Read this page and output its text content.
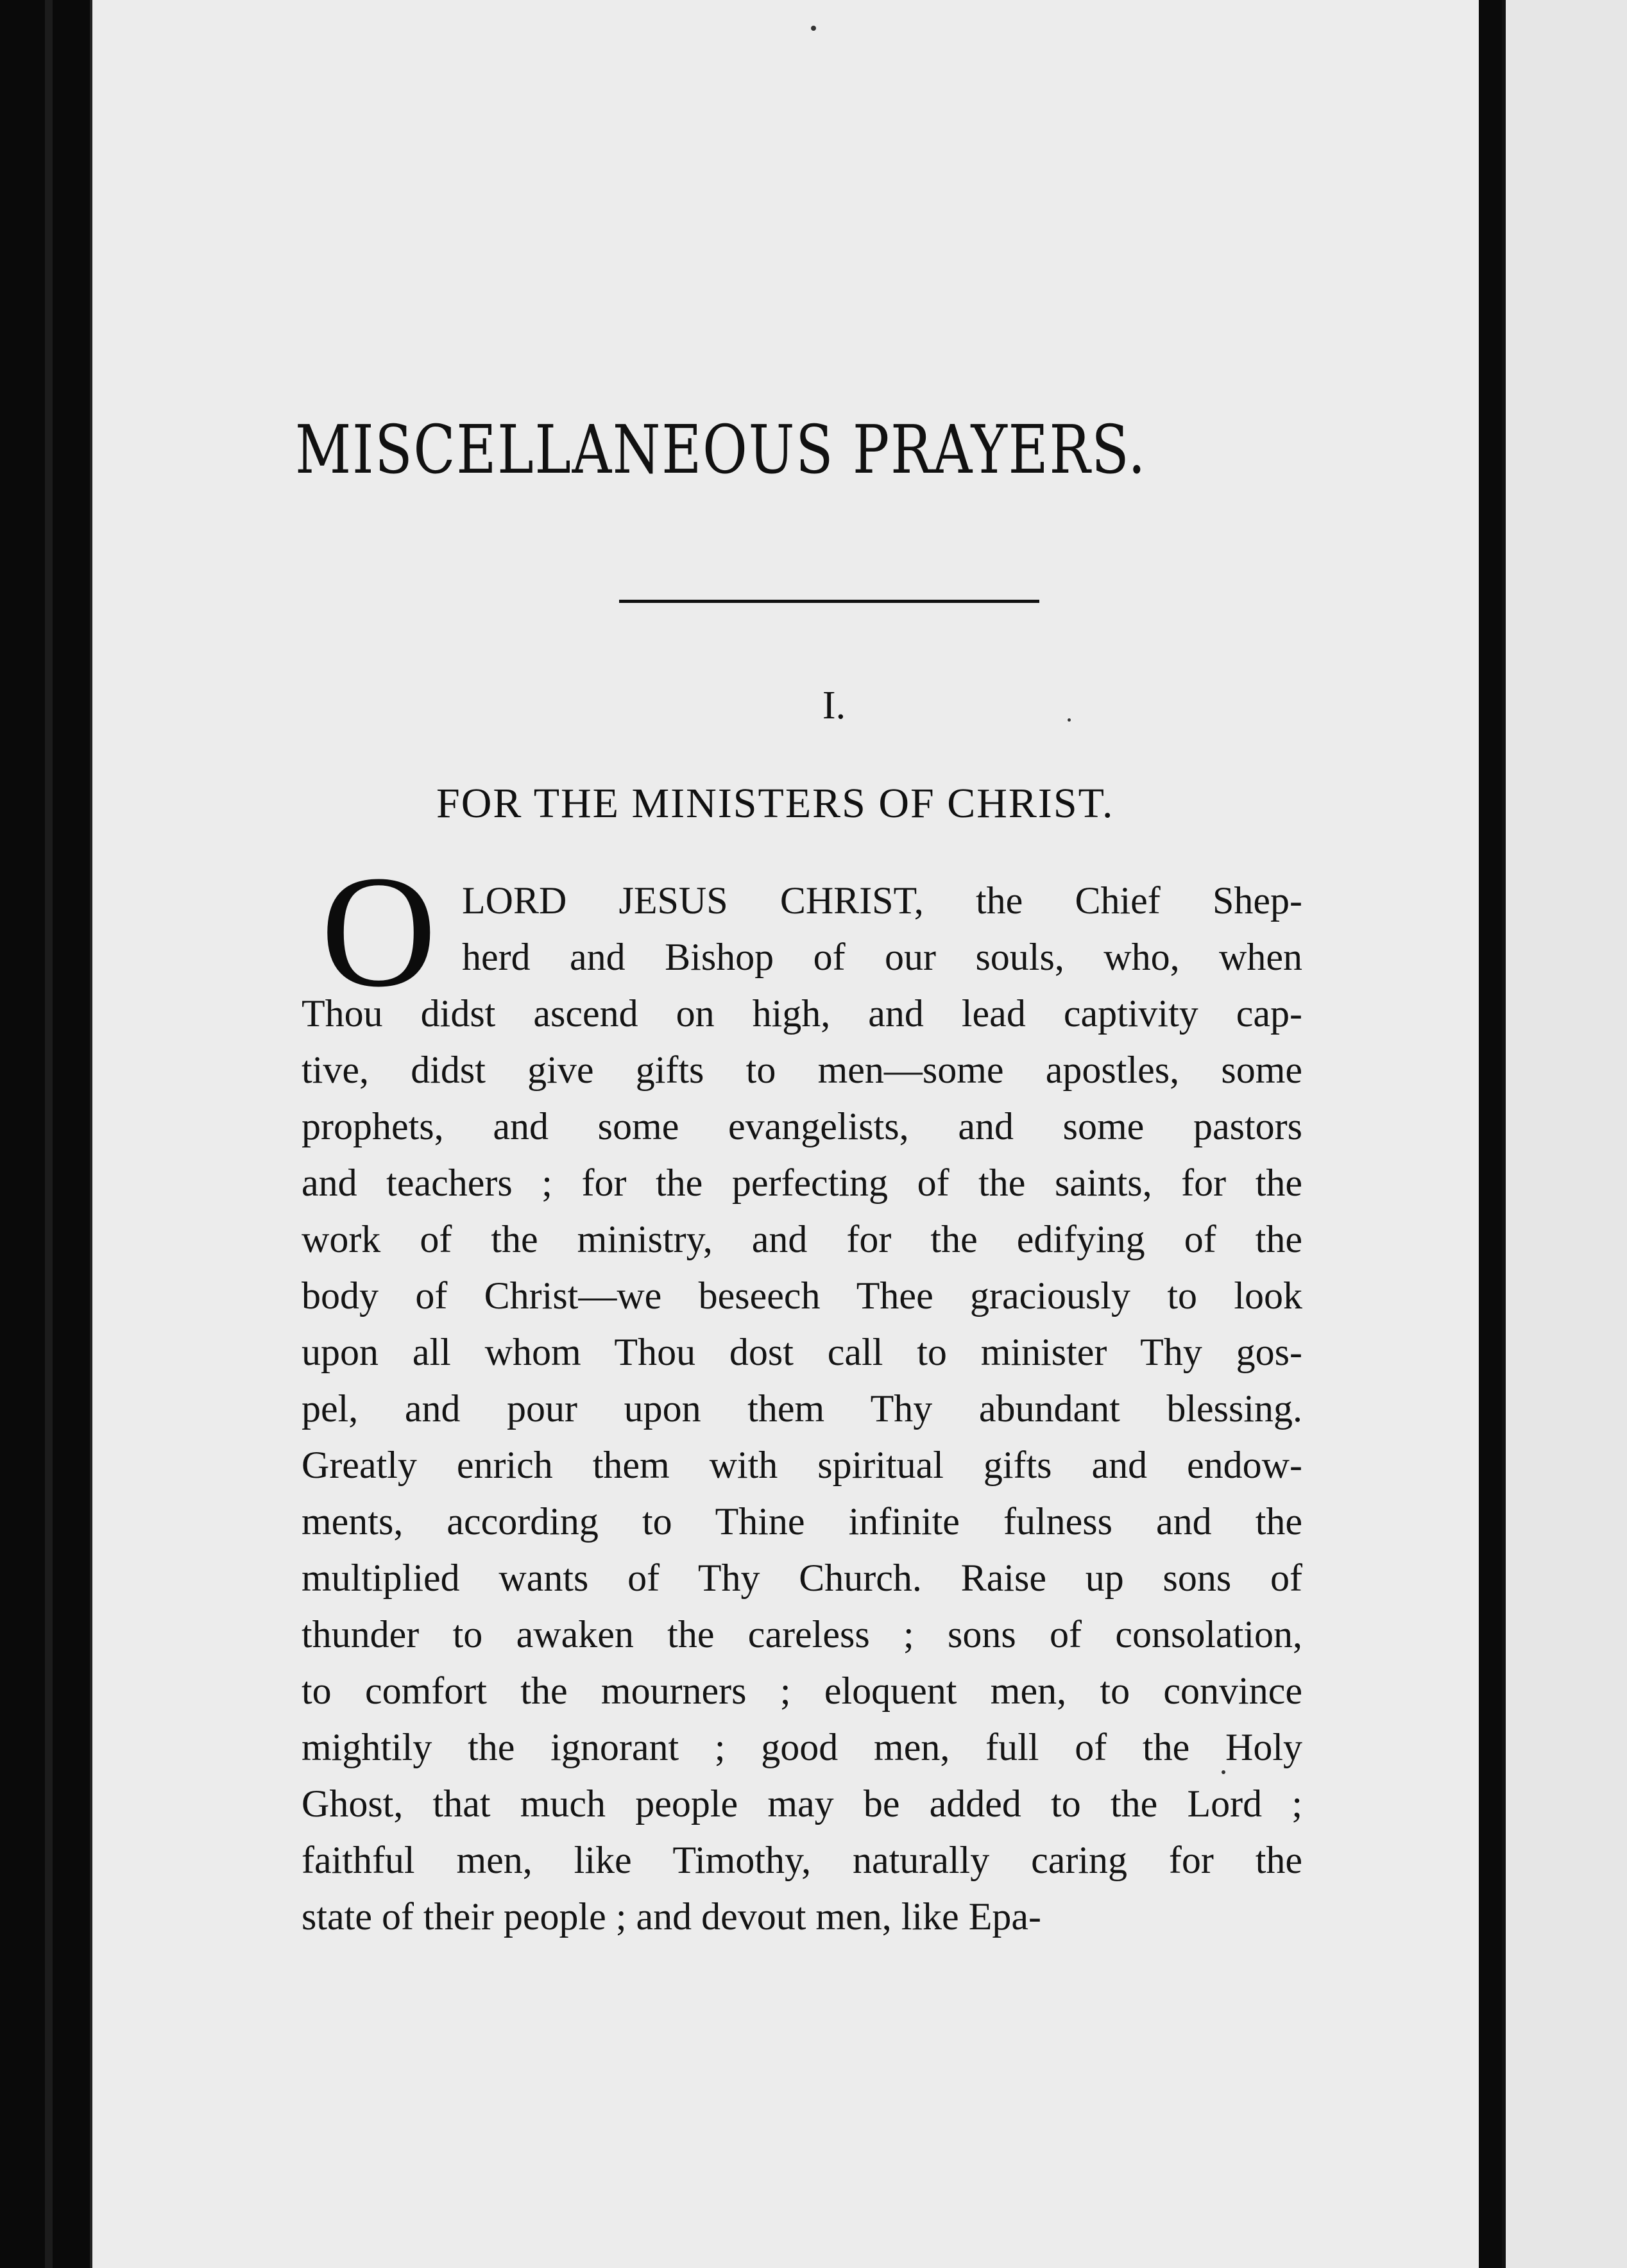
MISCELLANEOUS PRAYERS.
I.
FOR THE MINISTERS OF CHRIST.
O LORD JESUS CHRIST, the Chief Shep-
herd and Bishop of our souls, who, when
Thou didst ascend on high, and lead captivity cap-
tive, didst give gifts to men—some apostles, some
prophets, and some evangelists, and some pastors
and teachers ; for the perfecting of the saints, for the
work of the ministry, and for the edifying of the
body of Christ—we beseech Thee graciously to look
upon all whom Thou dost call to minister Thy gos-
pel, and pour upon them Thy abundant blessing.
Greatly enrich them with spiritual gifts and endow-
ments, according to Thine infinite fulness and the
multiplied wants of Thy Church. Raise up sons of
thunder to awaken the careless ; sons of consolation,
to comfort the mourners ; eloquent men, to convince
mightily the ignorant ; good men, full of the Holy
Ghost, that much people may be added to the Lord ;
faithful men, like Timothy, naturally caring for the
state of their people ; and devout men, like Epa-
